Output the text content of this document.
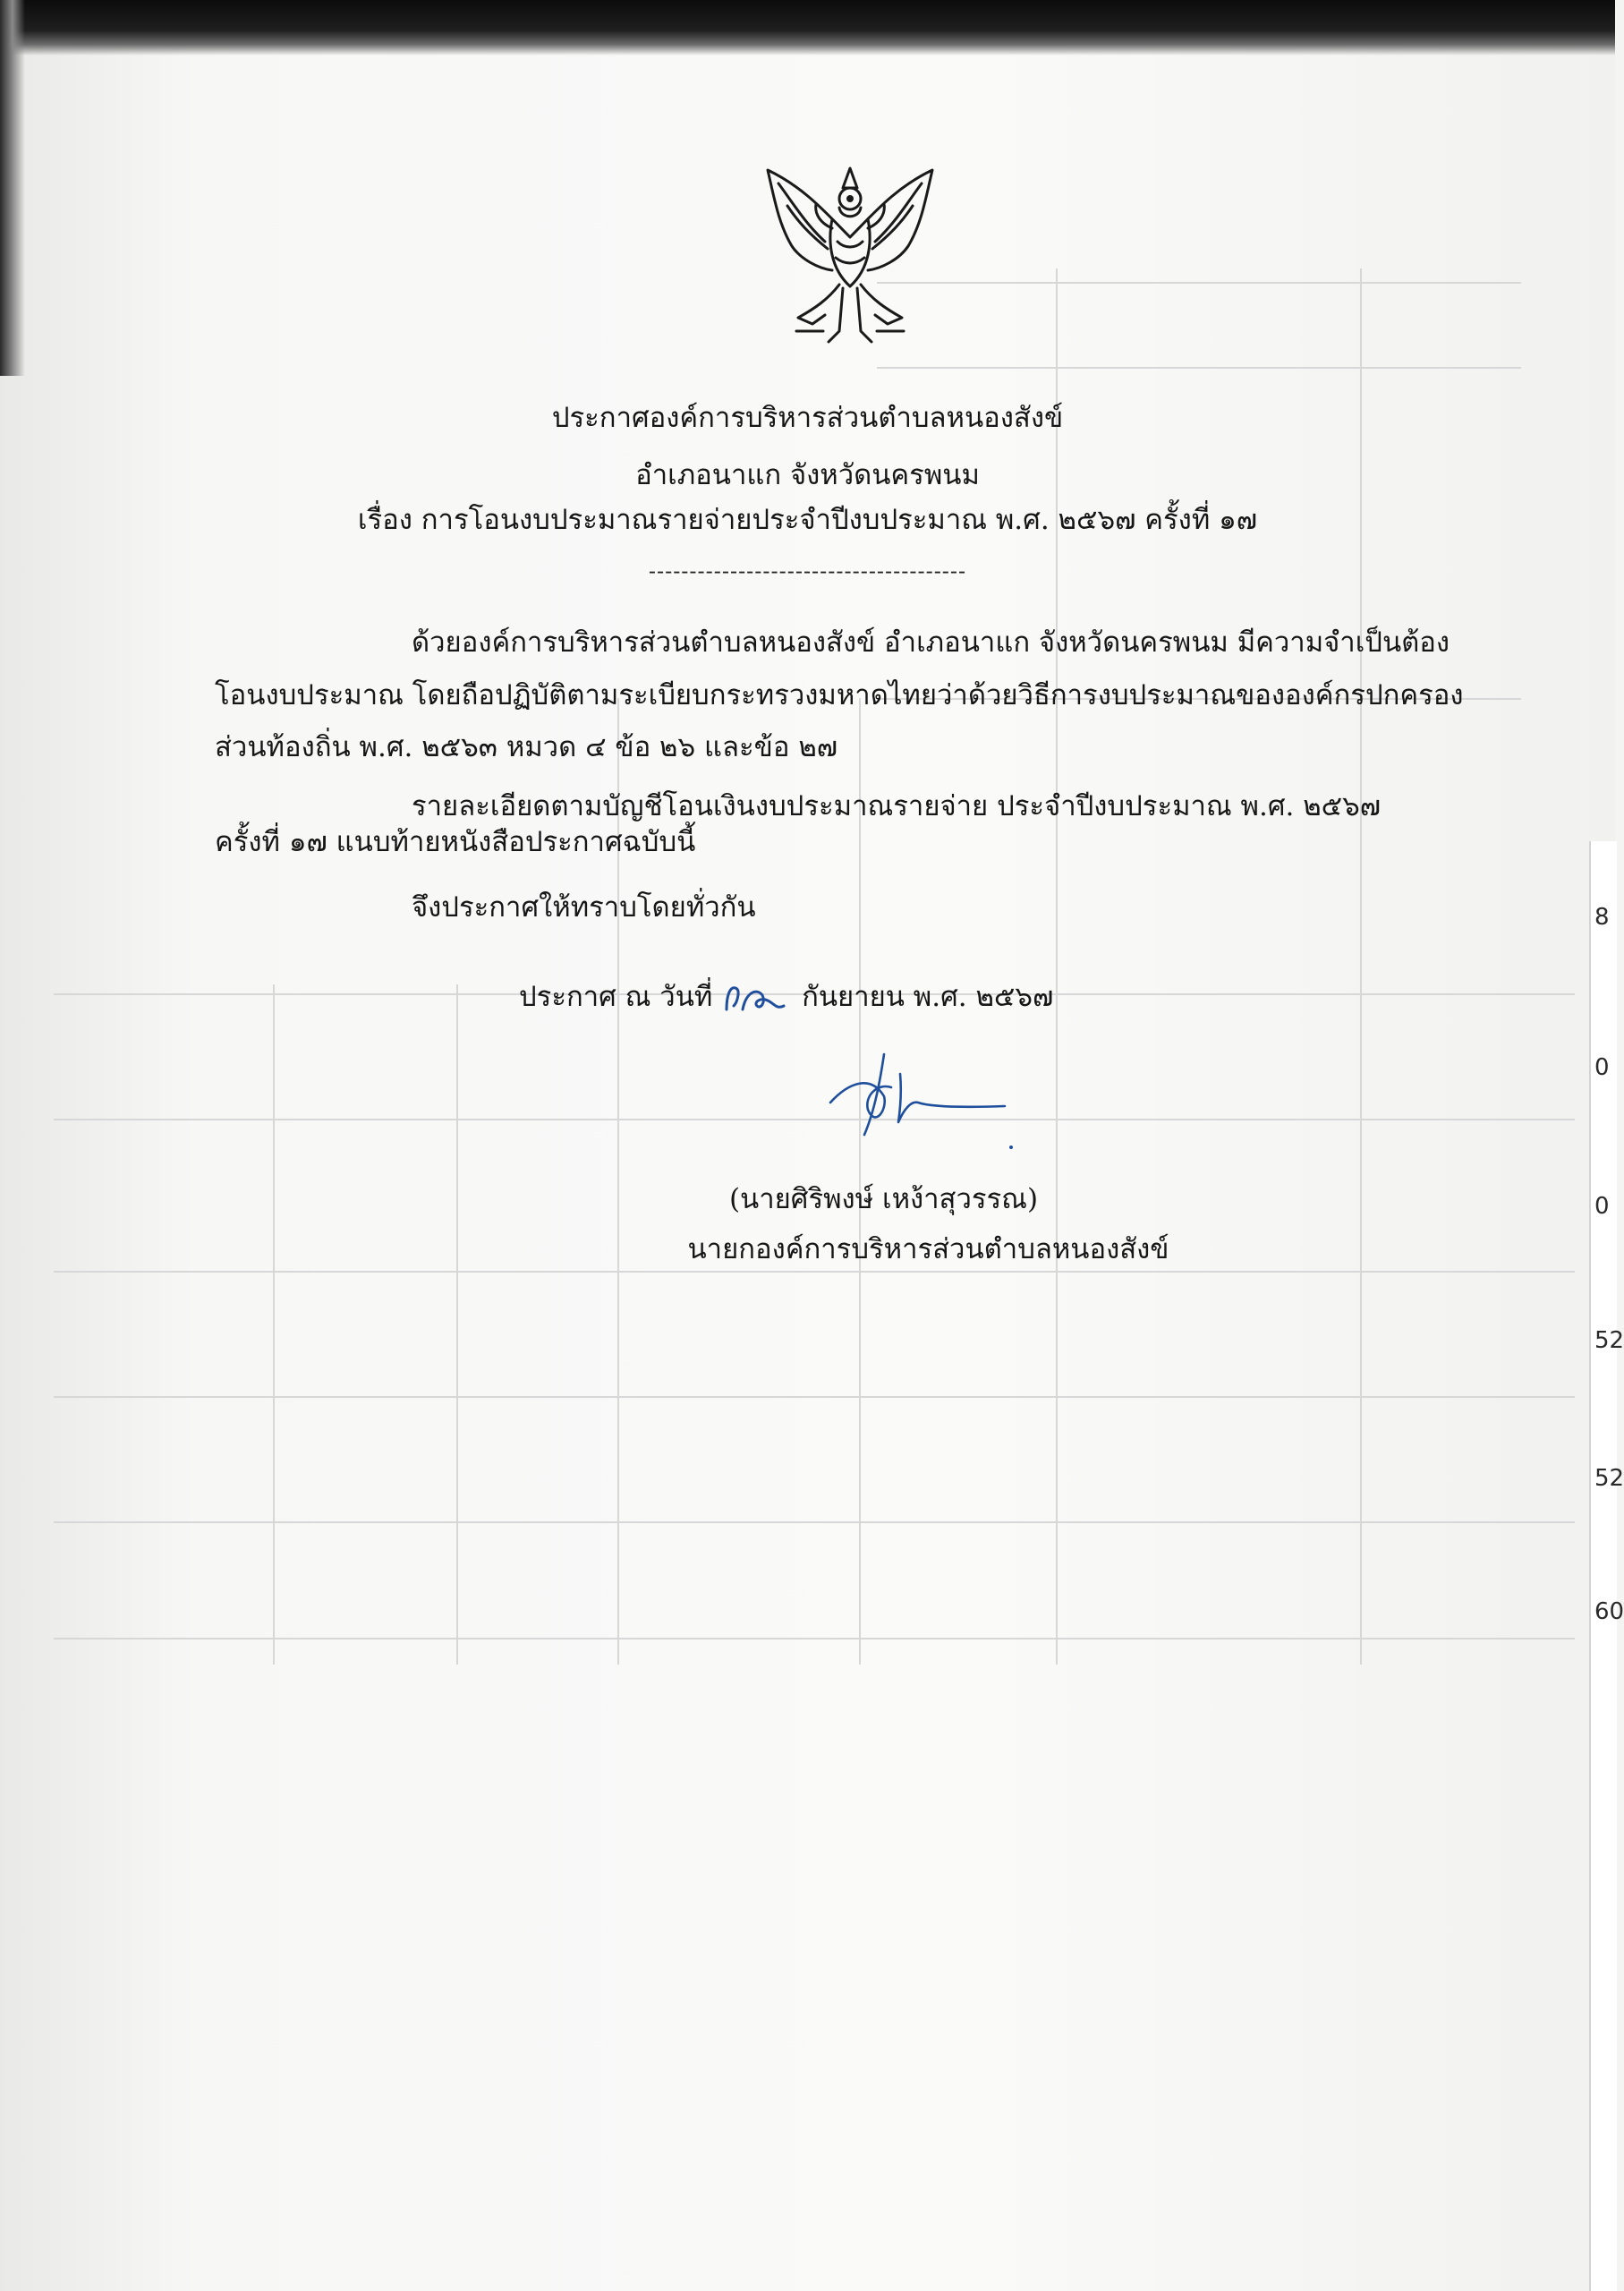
8
0
0
52
52
60
ประกาศองค์การบริหารส่วนตำบลหนองสังข์
อำเภอนาแก จังหวัดนครพนม
เรื่อง การโอนงบประมาณรายจ่ายประจำปีงบประมาณ พ.ศ. ๒๕๖๗ ครั้งที่ ๑๗
---------------------------------------
ด้วยองค์การบริหารส่วนตำบลหนองสังข์ อำเภอนาแก จังหวัดนครพนม มีความจำเป็นต้อง
โอนงบประมาณ โดยถือปฏิบัติตามระเบียบกระทรวงมหาดไทยว่าด้วยวิธีการงบประมาณขององค์กรปกครอง
ส่วนท้องถิ่น พ.ศ. ๒๕๖๓ หมวด ๔ ข้อ ๒๖ และข้อ ๒๗
รายละเอียดตามบัญชีโอนเงินงบประมาณรายจ่าย ประจำปีงบประมาณ พ.ศ. ๒๕๖๗
ครั้งที่ ๑๗ แนบท้ายหนังสือประกาศฉบับนี้
จึงประกาศให้ทราบโดยทั่วกัน
ประกาศ ณ วันที่	กันยายน พ.ศ. ๒๕๖๗
(นายศิริพงษ์ เหง้าสุวรรณ)
นายกองค์การบริหารส่วนตำบลหนองสังข์
